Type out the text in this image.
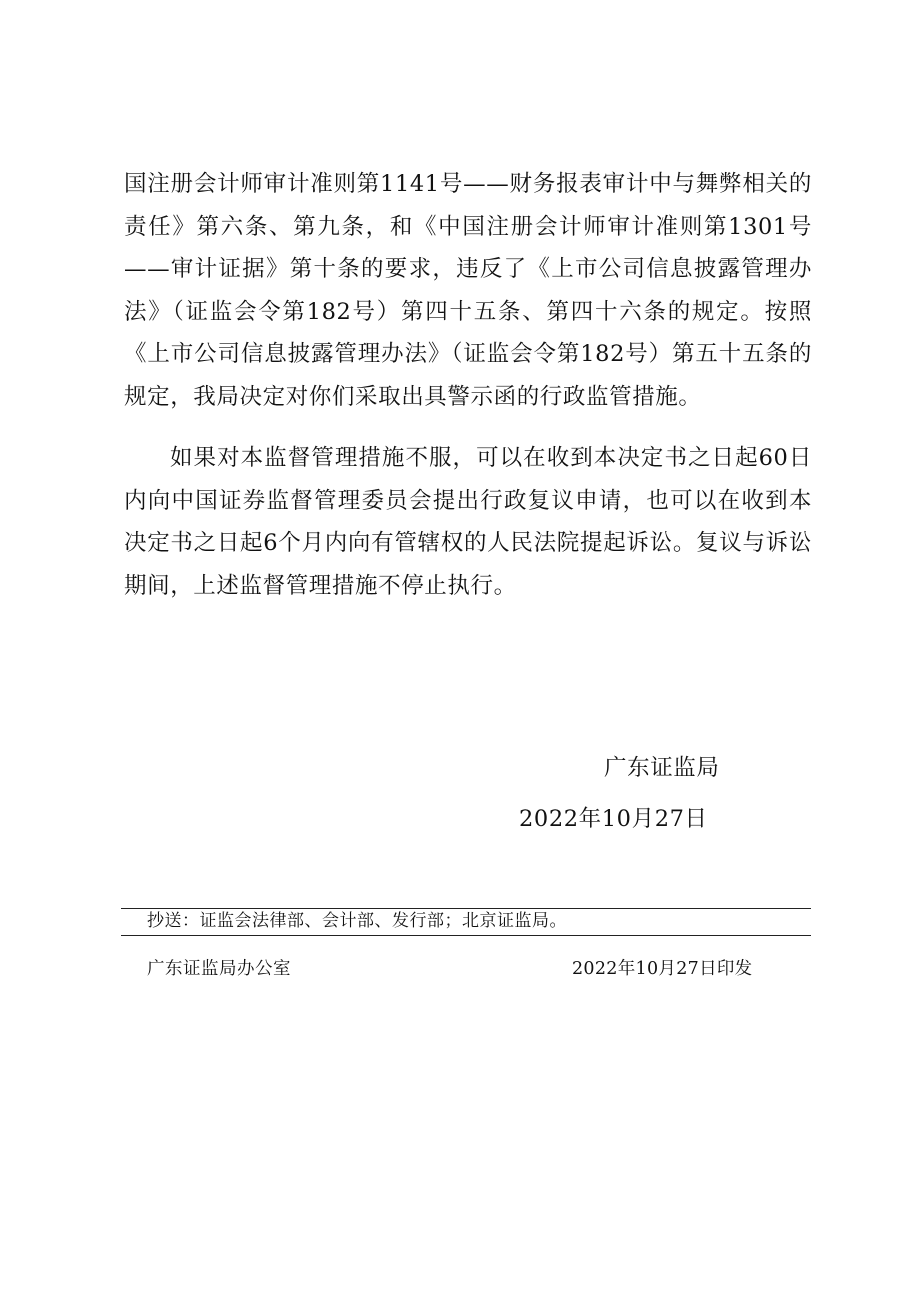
国注册会计师审计准则第1141号——财务报表审计中与舞弊相关的责任》第六条、第九条，和《中国注册会计师审计准则第1301号——审计证据》第十条的要求，违反了《上市公司信息披露管理办法》（证监会令第182号）第四十五条、第四十六条的规定。按照《上市公司信息披露管理办法》（证监会令第182号）第五十五条的规定，我局决定对你们采取出具警示函的行政监管措施。

如果对本监督管理措施不服，可以在收到本决定书之日起60日内向中国证券监督管理委员会提出行政复议申请，也可以在收到本决定书之日起6个月内向有管辖权的人民法院提起诉讼。复议与诉讼期间，上述监督管理措施不停止执行。

广东证监局

2022年10月27日

抄送：证监会法律部、会计部、发行部；北京证监局。

广东证监局办公室	2022年10月27日印发
